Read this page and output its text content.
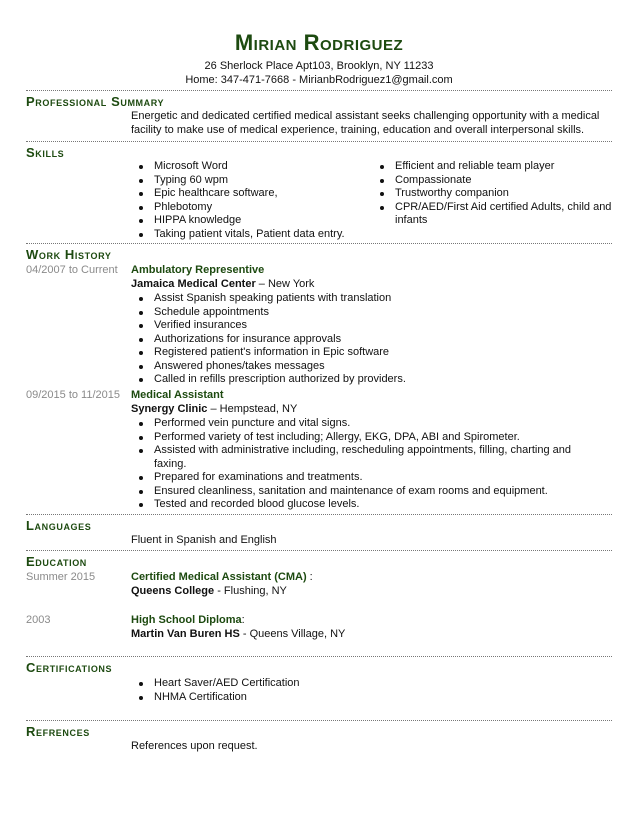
Mirian Rodriguez
26 Sherlock Place Apt103, Brooklyn, NY 11233
Home: 347-471-7668 - MirianbRodriguez1@gmail.com
Professional Summary
Energetic and dedicated certified medical assistant seeks challenging opportunity with a medical facility to make use of medical experience, training, education and overall interpersonal skills.
Skills
Microsoft Word
Typing 60 wpm
Epic healthcare software,
Phlebotomy
HIPPA knowledge
Taking patient vitals, Patient data entry.
Efficient and reliable team player
Compassionate
Trustworthy companion
CPR/AED/First Aid certified Adults, child and infants
Work History
04/2007 to Current Ambulatory Representive
Jamaica Medical Center – New York
Assist Spanish speaking patients with translation
Schedule appointments
Verified insurances
Authorizations for insurance approvals
Registered patient's information in Epic software
Answered phones/takes messages
Called in refills prescription authorized by providers.
09/2015 to 11/2015 Medical Assistant
Synergy Clinic – Hempstead, NY
Performed vein puncture and vital signs.
Performed variety of test including; Allergy, EKG, DPA, ABI and Spirometer.
Assisted with administrative including, rescheduling appointments, filling, charting and faxing.
Prepared for examinations and treatments.
Ensured cleanliness, sanitation and maintenance of exam rooms and equipment.
Tested and recorded blood glucose levels.
Languages
Fluent in Spanish and English
Education
Summer 2015	Certified Medical Assistant (CMA) :
Queens College - Flushing, NY
2003	High School Diploma:
Martin Van Buren HS - Queens Village, NY
Certifications
Heart Saver/AED Certification
NHMA Certification
Refrences
References upon request.
